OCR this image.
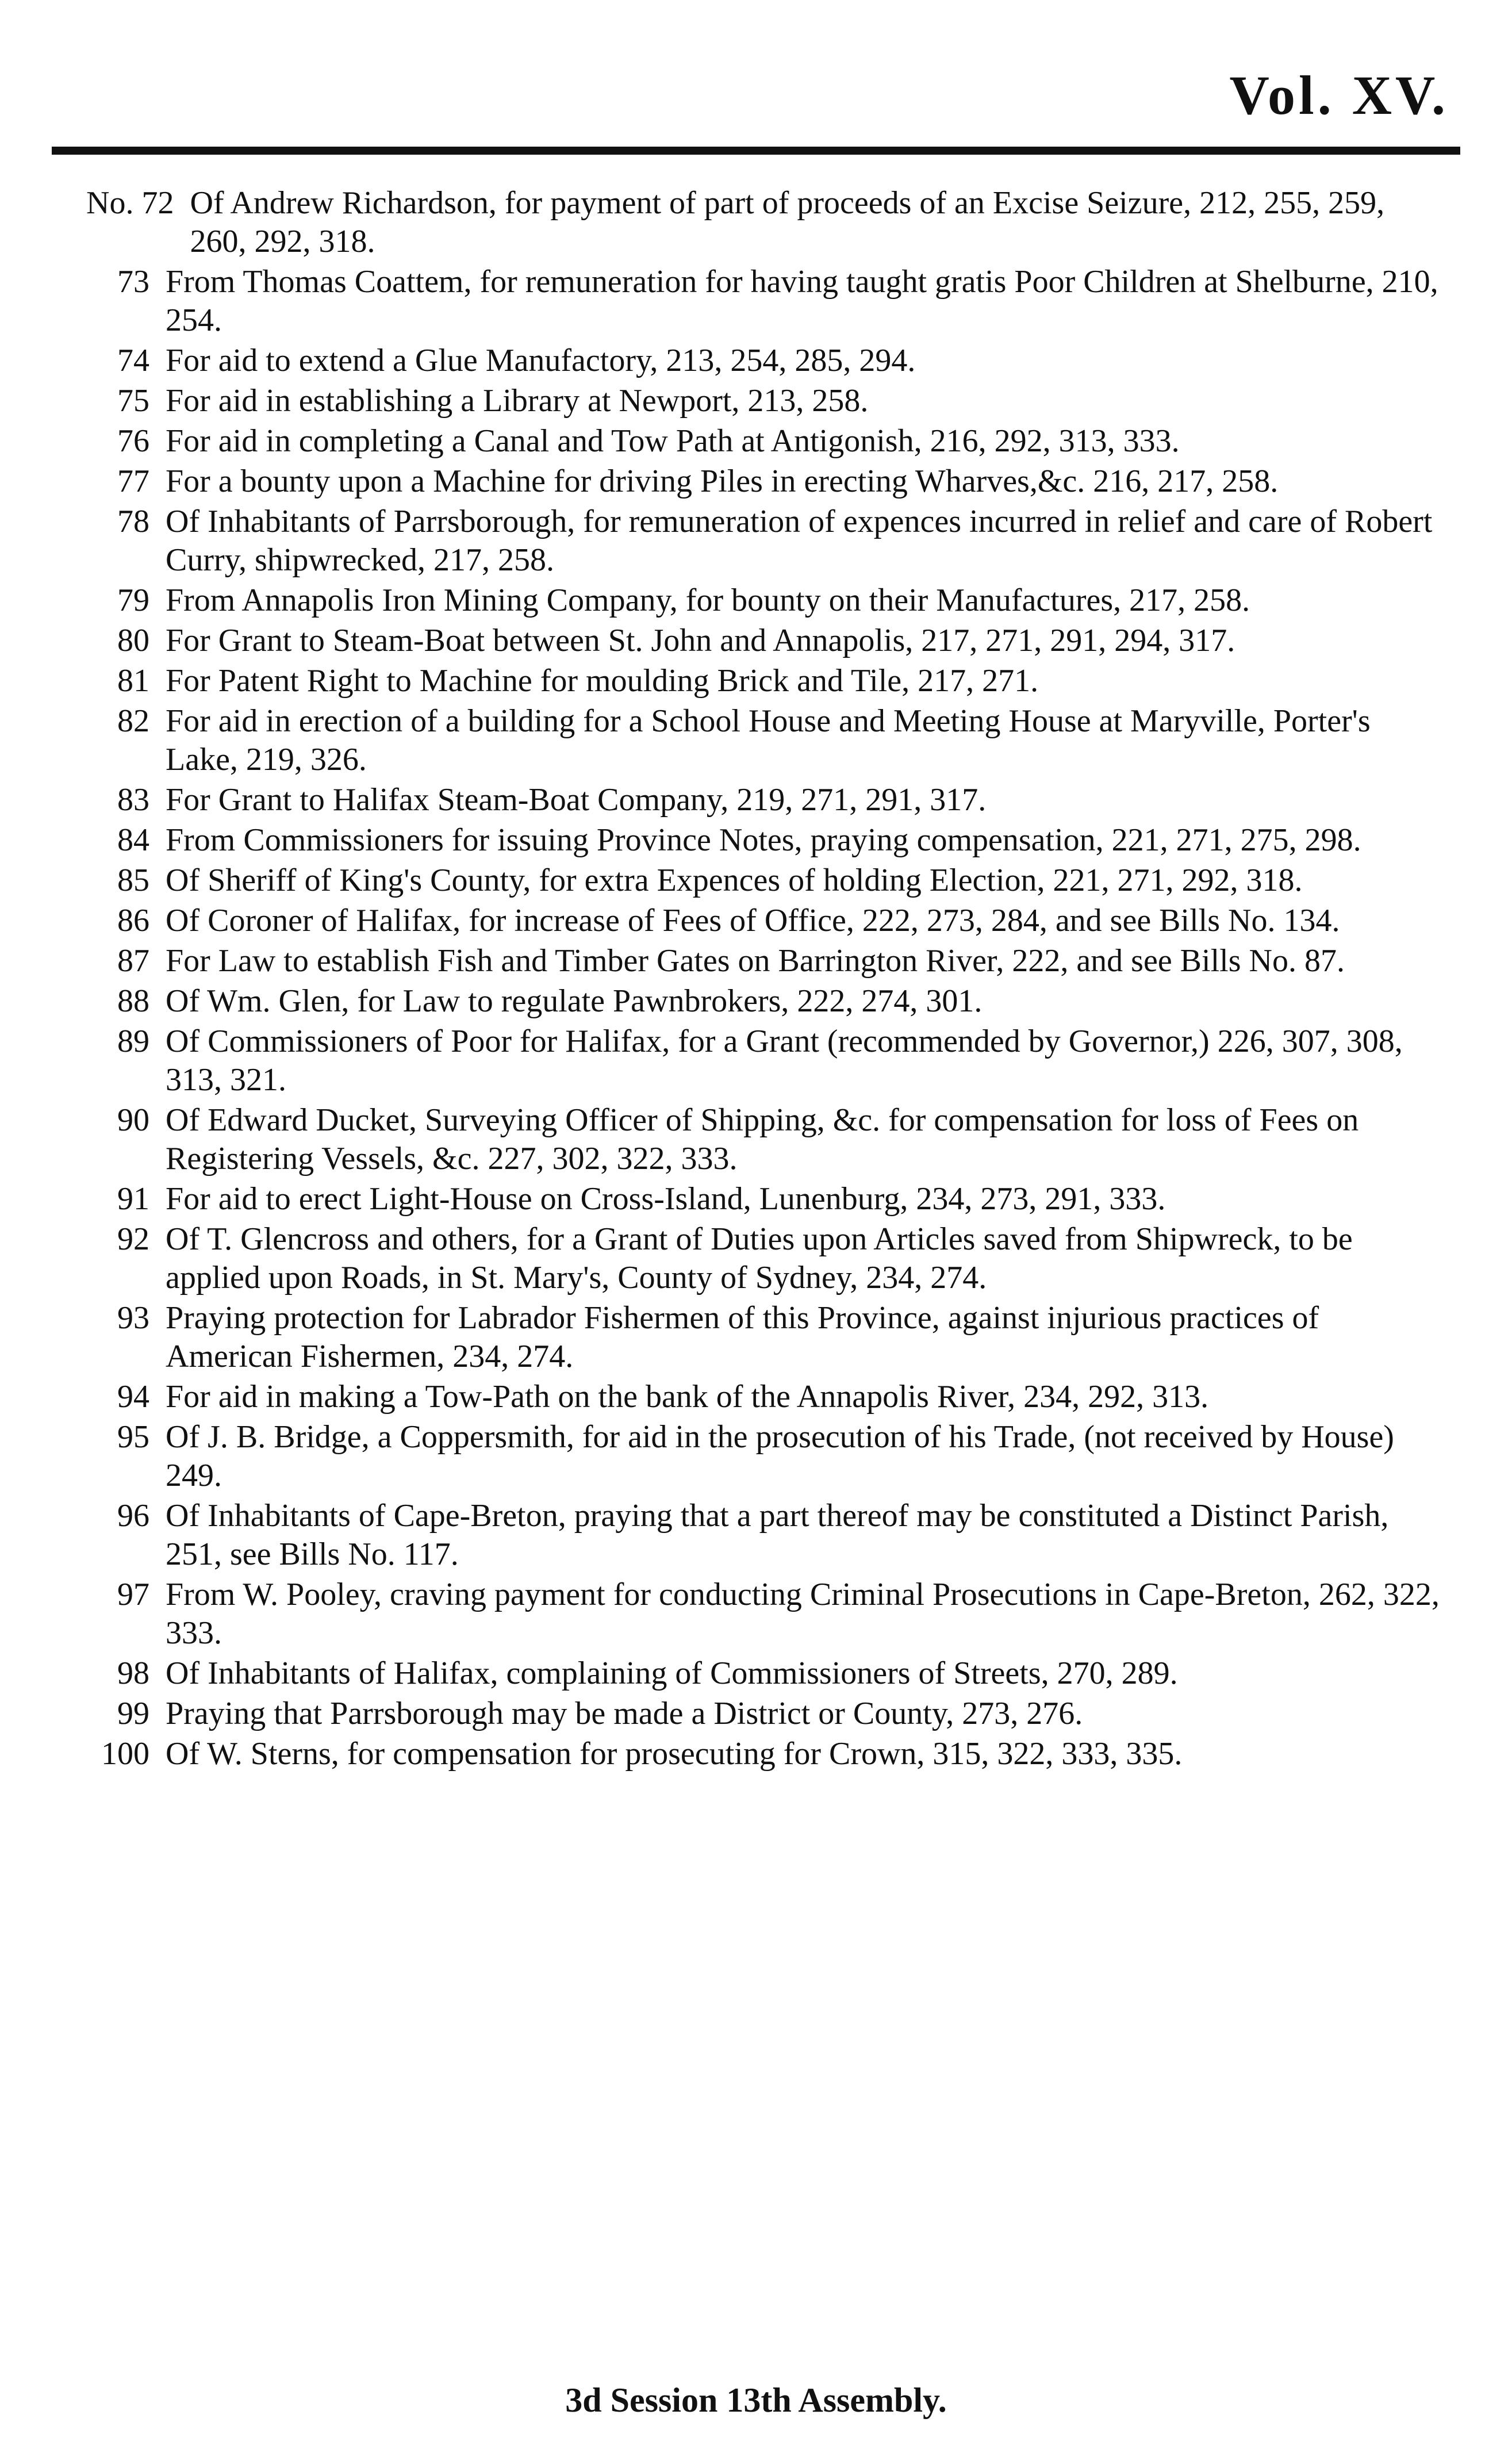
Vol. XV.
No. 72 Of Andrew Richardson, for payment of part of proceeds of an Excise Seizure, 212, 255, 259, 260, 292, 318.
73 From Thomas Coattem, for remuneration for having taught gratis Poor Children at Shelburne, 210, 254.
74 For aid to extend a Glue Manufactory, 213, 254, 285, 294.
75 For aid in establishing a Library at Newport, 213, 258.
76 For aid in completing a Canal and Tow Path at Antigonish, 216, 292, 313, 333.
77 For a bounty upon a Machine for driving Piles in erecting Wharves,&c. 216, 217, 258.
78 Of Inhabitants of Parrsborough, for remuneration of expences incurred in relief and care of Robert Curry, shipwrecked, 217, 258.
79 From Annapolis Iron Mining Company, for bounty on their Manufactures, 217, 258.
80 For Grant to Steam-Boat between St. John and Annapolis, 217, 271, 291, 294, 317.
81 For Patent Right to Machine for moulding Brick and Tile, 217, 271.
82 For aid in erection of a building for a School House and Meeting House at Maryville, Porter's Lake, 219, 326.
83 For Grant to Halifax Steam-Boat Company, 219, 271, 291, 317.
84 From Commissioners for issuing Province Notes, praying compensation, 221, 271, 275, 298.
85 Of Sheriff of King's County, for extra Expences of holding Election, 221, 271, 292, 318.
86 Of Coroner of Halifax, for increase of Fees of Office, 222, 273, 284, and see Bills No. 134.
87 For Law to establish Fish and Timber Gates on Barrington River, 222, and see Bills No. 87.
88 Of Wm. Glen, for Law to regulate Pawnbrokers, 222, 274, 301.
89 Of Commissioners of Poor for Halifax, for a Grant (recommended by Governor,) 226, 307, 308, 313, 321.
90 Of Edward Ducket, Surveying Officer of Shipping, &c. for compensation for loss of Fees on Registering Vessels, &c. 227, 302, 322, 333.
91 For aid to erect Light-House on Cross-Island, Lunenburg, 234, 273, 291, 333.
92 Of T. Glencross and others, for a Grant of Duties upon Articles saved from Shipwreck, to be applied upon Roads, in St. Mary's, County of Sydney, 234, 274.
93 Praying protection for Labrador Fishermen of this Province, against injurious practices of American Fishermen, 234, 274.
94 For aid in making a Tow-Path on the bank of the Annapolis River, 234, 292, 313.
95 Of J. B. Bridge, a Coppersmith, for aid in the prosecution of his Trade, (not received by House) 249.
96 Of Inhabitants of Cape-Breton, praying that a part thereof may be constituted a Distinct Parish, 251, see Bills No. 117.
97 From W. Pooley, craving payment for conducting Criminal Prosecutions in Cape-Breton, 262, 322, 333.
98 Of Inhabitants of Halifax, complaining of Commissioners of Streets, 270, 289.
99 Praying that Parrsborough may be made a District or County, 273, 276.
100 Of W. Sterns, for compensation for prosecuting for Crown, 315, 322, 333, 335.
3d Session 13th Assembly.
